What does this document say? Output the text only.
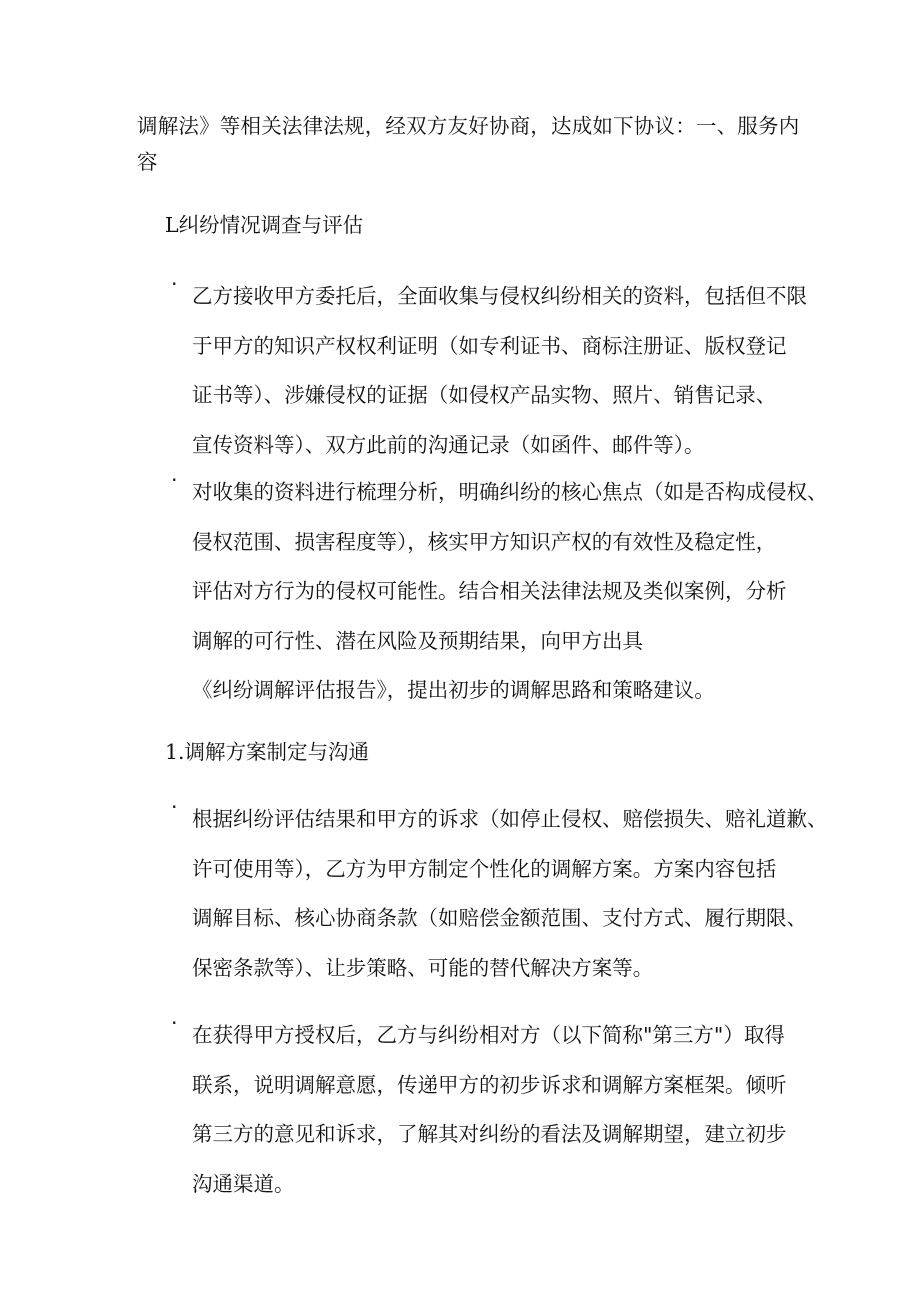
调解法》等相关法律法规，经双方友好协商，达成如下协议：一、服务内
容
L纠纷情况调查与评估
· 乙方接收甲方委托后，全面收集与侵权纠纷相关的资料，包括但不限
于甲方的知识产权权利证明（如专利证书、商标注册证、版权登记
证书等）、涉嫌侵权的证据（如侵权产品实物、照片、销售记录、
宣传资料等）、双方此前的沟通记录（如函件、邮件等）。
· 对收集的资料进行梳理分析，明确纠纷的核心焦点（如是否构成侵权、
侵权范围、损害程度等），核实甲方知识产权的有效性及稳定性，
评估对方行为的侵权可能性。结合相关法律法规及类似案例，分析
调解的可行性、潜在风险及预期结果，向甲方出具
《纠纷调解评估报告》，提出初步的调解思路和策略建议。
1.调解方案制定与沟通
· 根据纠纷评估结果和甲方的诉求（如停止侵权、赔偿损失、赔礼道歉、
许可使用等），乙方为甲方制定个性化的调解方案。方案内容包括
调解目标、核心协商条款（如赔偿金额范围、支付方式、履行期限、
保密条款等）、让步策略、可能的替代解决方案等。
· 在获得甲方授权后，乙方与纠纷相对方（以下简称"第三方"）取得
联系，说明调解意愿，传递甲方的初步诉求和调解方案框架。倾听
第三方的意见和诉求，了解其对纠纷的看法及调解期望，建立初步
沟通渠道。
